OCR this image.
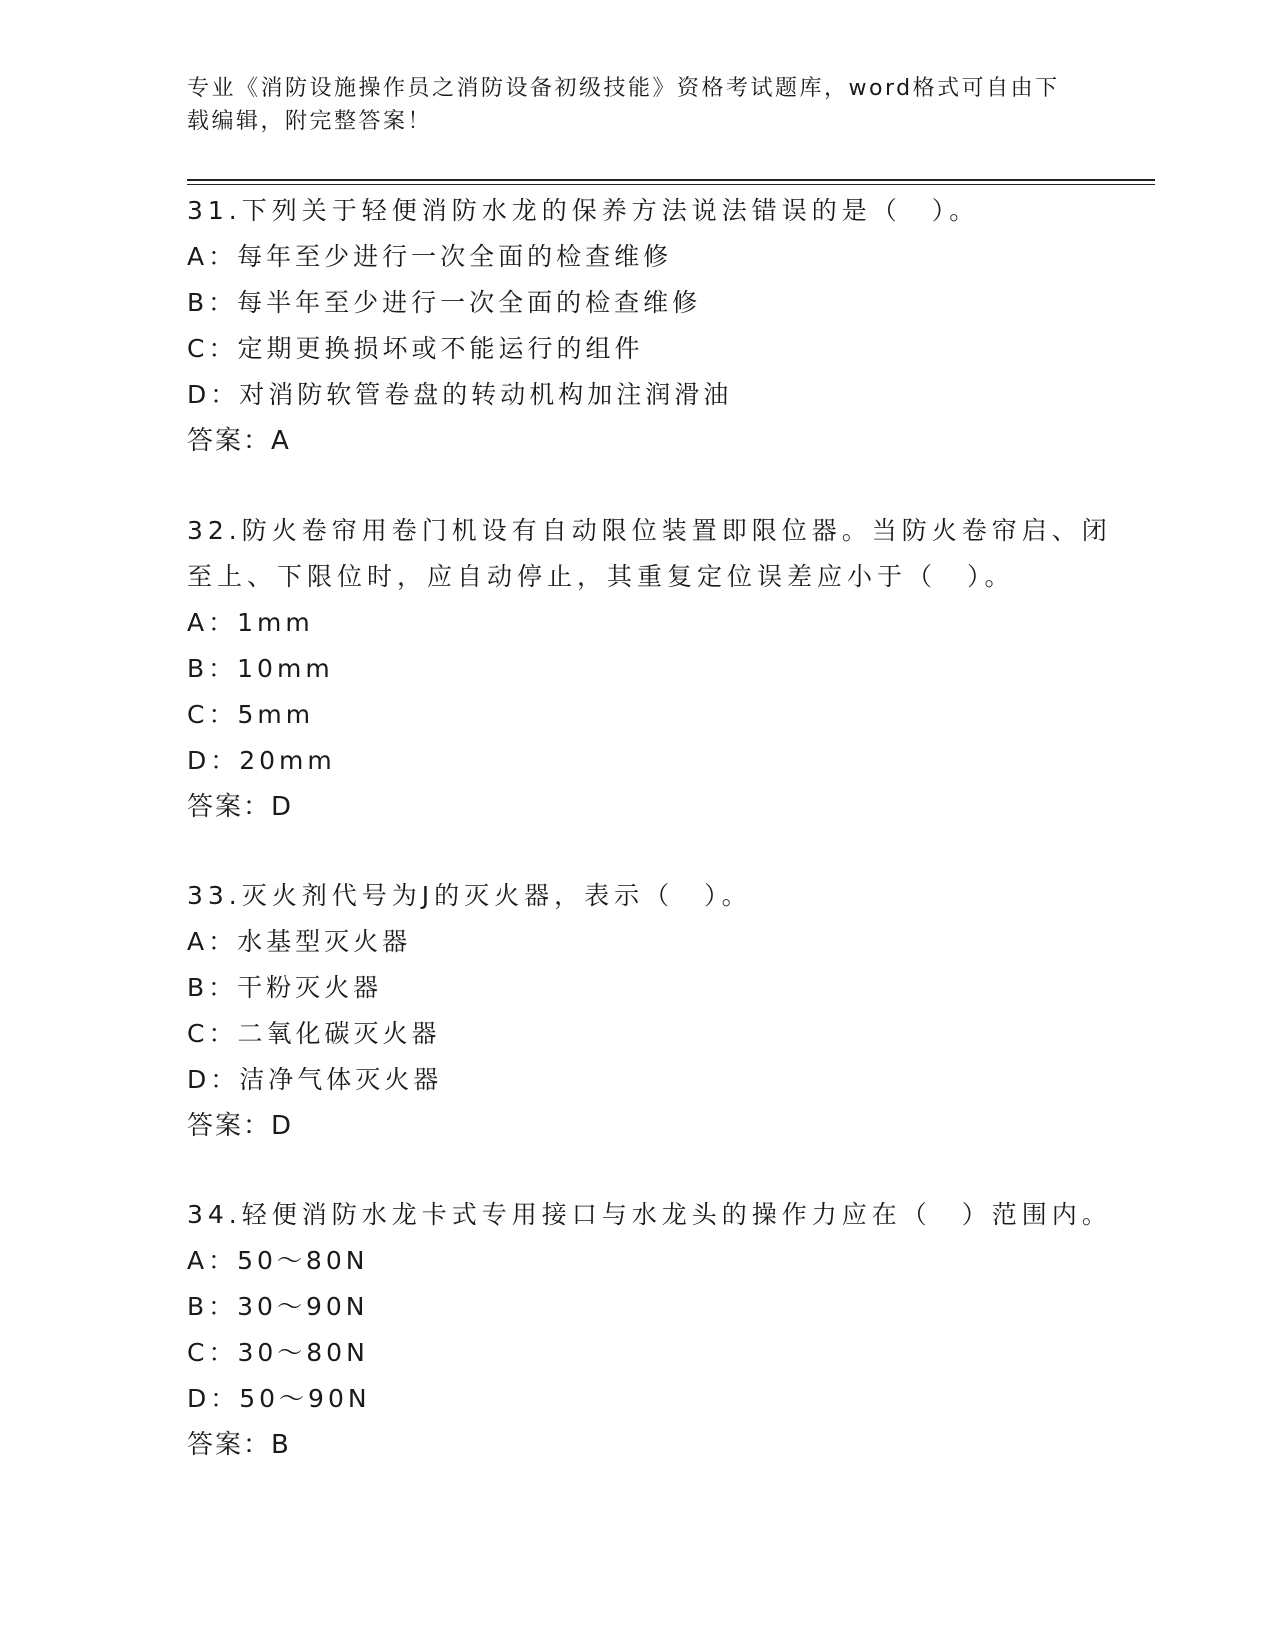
专业《消防设施操作员之消防设备初级技能》资格考试题库，word格式可自由下
载编辑，附完整答案！
31.下列关于轻便消防水龙的保养方法说法错误的是（　）。
A：每年至少进行一次全面的检查维修
B：每半年至少进行一次全面的检查维修
C：定期更换损坏或不能运行的组件
D：对消防软管卷盘的转动机构加注润滑油
答案：A
32.防火卷帘用卷门机设有自动限位装置即限位器。当防火卷帘启、闭
至上、下限位时，应自动停止，其重复定位误差应小于（　）。
A：1mm
B：10mm
C：5mm
D：20mm
答案：D
33.灭火剂代号为J的灭火器，表示（　）。
A：水基型灭火器
B：干粉灭火器
C：二氧化碳灭火器
D：洁净气体灭火器
答案：D
34.轻便消防水龙卡式专用接口与水龙头的操作力应在（　）范围内。
A：50～80N
B：30～90N
C：30～80N
D：50～90N
答案：B
